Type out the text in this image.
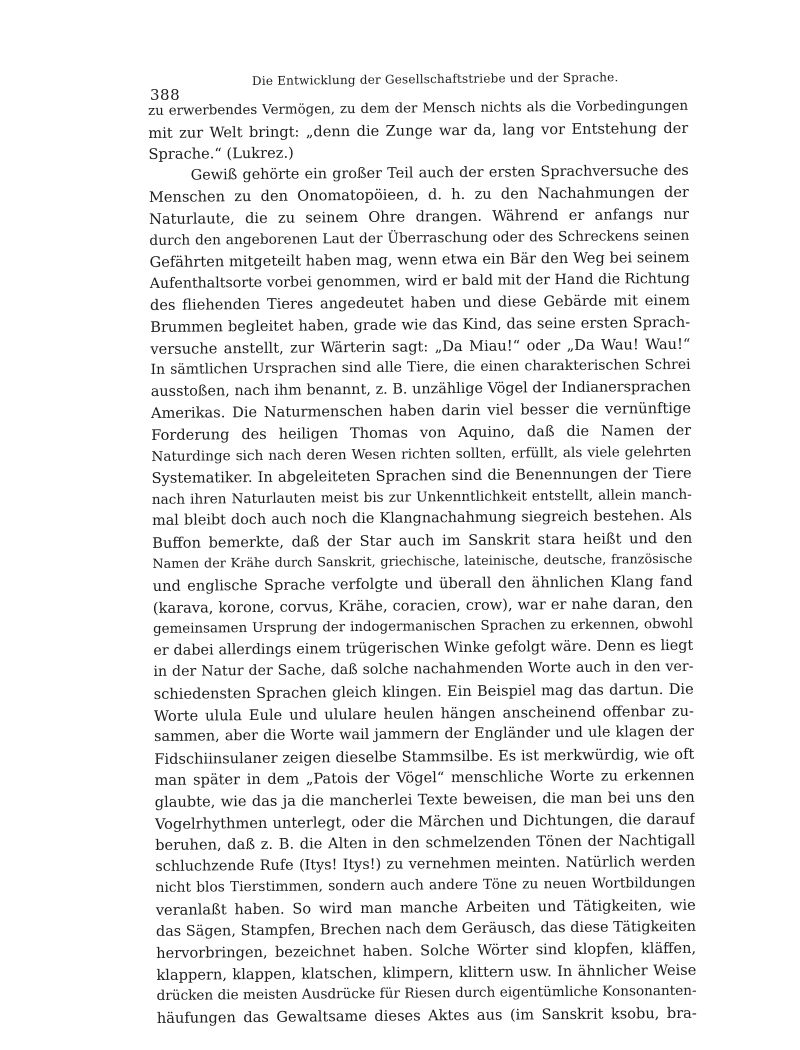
388
Die Entwicklung der Gesellschaftstriebe und der Sprache.
zu erwerbendes Vermögen, zu dem der Mensch nichts als die Vorbedingungen
mit zur Welt bringt: „denn die Zunge war da, lang vor Entstehung der
Sprache.“ (Lukrez.)
Gewiß gehörte ein großer Teil auch der ersten Sprachversuche des
Menschen zu den Onomatopöieen, d. h. zu den Nachahmungen der
Naturlaute, die zu seinem Ohre drangen. Während er anfangs nur
durch den angeborenen Laut der Überraschung oder des Schreckens seinen
Gefährten mitgeteilt haben mag, wenn etwa ein Bär den Weg bei seinem
Aufenthaltsorte vorbei genommen, wird er bald mit der Hand die Richtung
des fliehenden Tieres angedeutet haben und diese Gebärde mit einem
Brummen begleitet haben, grade wie das Kind, das seine ersten Sprach-
versuche anstellt, zur Wärterin sagt: „Da Miau!“ oder „Da Wau! Wau!“
In sämtlichen Ursprachen sind alle Tiere, die einen charakterischen Schrei
ausstoßen, nach ihm benannt, z. B. unzählige Vögel der Indianersprachen
Amerikas. Die Naturmenschen haben darin viel besser die vernünftige
Forderung des heiligen Thomas von Aquino, daß die Namen der
Naturdinge sich nach deren Wesen richten sollten, erfüllt, als viele gelehrten
Systematiker. In abgeleiteten Sprachen sind die Benennungen der Tiere
nach ihren Naturlauten meist bis zur Unkenntlichkeit entstellt, allein manch-
mal bleibt doch auch noch die Klangnachahmung siegreich bestehen. Als
Buffon bemerkte, daß der Star auch im Sanskrit stara heißt und den
Namen der Krähe durch Sanskrit, griechische, lateinische, deutsche, französische
und englische Sprache verfolgte und überall den ähnlichen Klang fand
(karava, korone, corvus, Krähe, coracien, crow), war er nahe daran, den
gemeinsamen Ursprung der indogermanischen Sprachen zu erkennen, obwohl
er dabei allerdings einem trügerischen Winke gefolgt wäre. Denn es liegt
in der Natur der Sache, daß solche nachahmenden Worte auch in den ver-
schiedensten Sprachen gleich klingen. Ein Beispiel mag das dartun. Die
Worte ulula Eule und ululare heulen hängen anscheinend offenbar zu-
sammen, aber die Worte wail jammern der Engländer und ule klagen der
Fidschiinsulaner zeigen dieselbe Stammsilbe. Es ist merkwürdig, wie oft
man später in dem „Patois der Vögel“ menschliche Worte zu erkennen
glaubte, wie das ja die mancherlei Texte beweisen, die man bei uns den
Vogelrhythmen unterlegt, oder die Märchen und Dichtungen, die darauf
beruhen, daß z. B. die Alten in den schmelzenden Tönen der Nachtigall
schluchzende Rufe (Itys! Itys!) zu vernehmen meinten. Natürlich werden
nicht blos Tierstimmen, sondern auch andere Töne zu neuen Wortbildungen
veranlaßt haben. So wird man manche Arbeiten und Tätigkeiten, wie
das Sägen, Stampfen, Brechen nach dem Geräusch, das diese Tätigkeiten
hervorbringen, bezeichnet haben. Solche Wörter sind klopfen, kläffen,
klappern, klappen, klatschen, klimpern, klittern usw. In ähnlicher Weise
drücken die meisten Ausdrücke für Riesen durch eigentümliche Konsonanten-
häufungen das Gewaltsame dieses Aktes aus (im Sanskrit ksobu, bra-
